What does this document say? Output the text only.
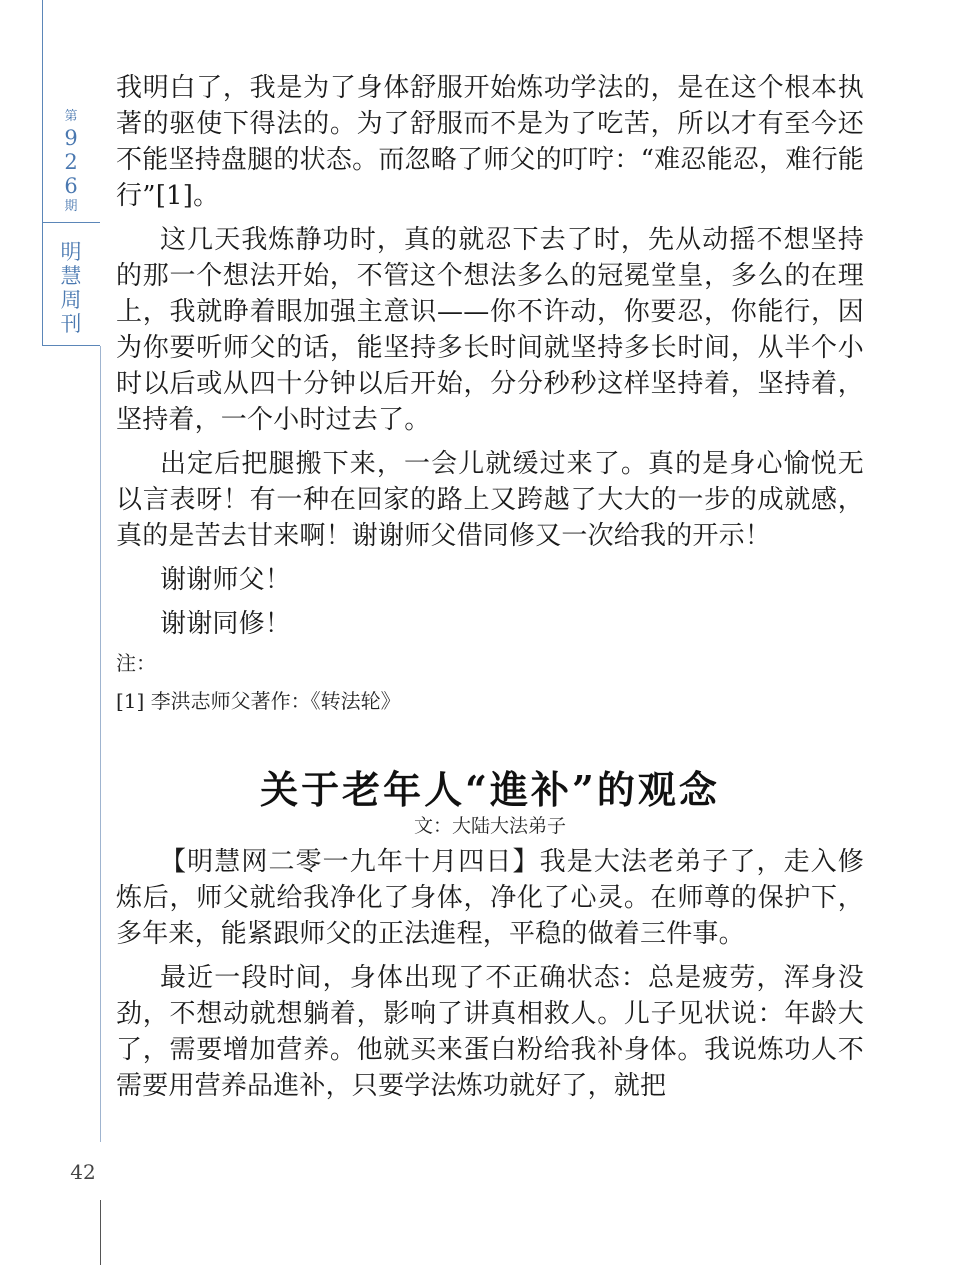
第
9
2
6
期
明
慧
周
刊
42

我明白了，我是为了身体舒服开始炼功学法的，是在这个根本执著的驱使下得法的。为了舒服而不是为了吃苦，所以才有至今还不能坚持盘腿的状态。而忽略了师父的叮咛：“难忍能忍，难行能行”[1]。

这几天我炼静功时，真的就忍下去了时，先从动摇不想坚持的那一个想法开始，不管这个想法多么的冠冕堂皇，多么的在理上，我就睁着眼加强主意识——你不许动，你要忍，你能行，因为你要听师父的话，能坚持多长时间就坚持多长时间，从半个小时以后或从四十分钟以后开始，分分秒秒这样坚持着，坚持着，坚持着，一个小时过去了。

出定后把腿搬下来，一会儿就缓过来了。真的是身心愉悦无以言表呀！有一种在回家的路上又跨越了大大的一步的成就感，真的是苦去甘来啊！谢谢师父借同修又一次给我的开示！

谢谢师父！

谢谢同修！

注：

[1] 李洪志师父著作：《转法轮》

关于老年人“進补”的观念

文：大陆大法弟子

【明慧网二零一九年十月四日】我是大法老弟子了，走入修炼后，师父就给我净化了身体，净化了心灵。在师尊的保护下，多年来，能紧跟师父的正法進程，平稳的做着三件事。

最近一段时间，身体出现了不正确状态：总是疲劳，浑身没劲，不想动就想躺着，影响了讲真相救人。儿子见状说：年龄大了，需要增加营养。他就买来蛋白粉给我补身体。我说炼功人不需要用营养品進补，只要学法炼功就好了，就把
